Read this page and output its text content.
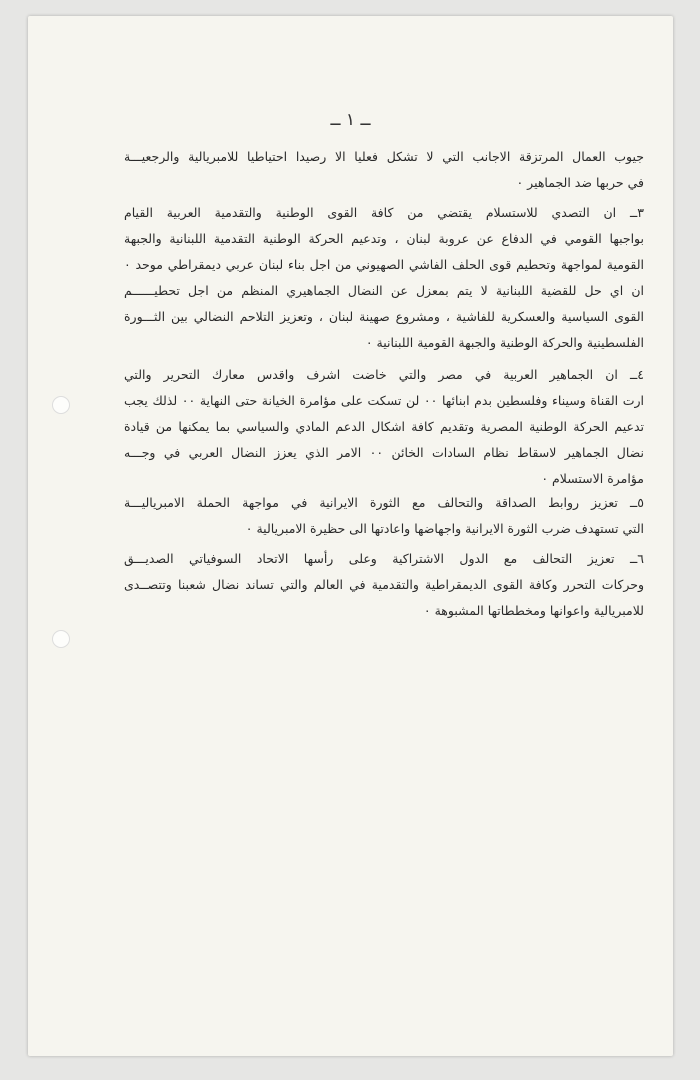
ــ ١ ــ
جيوب العمال المرتزقة الاجانب التي لا تشكل فعليا الا رصيدا احتياطيا للامبريالية والرجعيـــة
في حربها ضد الجماهير ٠
٣ــ ان التصدي للاستسلام يقتضي من كافة القوى الوطنية والتقدمية العربية القيام
بواجبها القومي في الدفاع عن عروبة لبنان ، وتدعيم الحركة الوطنية التقدمية اللبنانية والجبهة
القومية لمواجهة وتحطيم قوى الحلف الفاشي الصهيوني من اجل بناء لبنان عربي ديمقراطي موحد ٠
ان اي حل للقضية اللبنانية لا يتم بمعزل عن النضال الجماهيري المنظم من اجل تحطيــــــم
القوى السياسية والعسكرية للفاشية ، ومشروع صهينة لبنان ، وتعزيز التلاحم النضالي بين الثـــورة
الفلسطينية والحركة الوطنية والجبهة القومية اللبنانية ٠
٤ــ ان الجماهير العربية في مصر والتي خاضت اشرف واقدس معارك التحرير والتي
ارت القناة وسيناء وفلسطين بدم ابنائها ٠٠ لن تسكت على مؤامرة الخيانة حتى النهاية ٠٠ لذلك يجب
تدعيم الحركة الوطنية المصرية وتقديم كافة اشكال الدعم المادي والسياسي بما يمكنها من قيادة
نضال الجماهير لاسقاط نظام السادات الخائن ٠٠ الامر الذي يعزز النضال العربي في وجـــه
مؤامرة الاستسلام ٠
٥ــ تعزيز روابط الصداقة والتحالف مع الثورة الايرانية في مواجهة الحملة الامبرياليـــة
التي تستهدف ضرب الثورة الايرانية واجهاضها واعادتها الى حظيرة الامبريالية ٠
٦ــ تعزيز التحالف مع الدول الاشتراكية وعلى رأسها الاتحاد السوفياتي الصديـــق
وحركات التحرر وكافة القوى الديمقراطية والتقدمية في العالم والتي تساند نضال شعبنا وتتصــدى
للامبريالية واعوانها ومخططاتها المشبوهة ٠
